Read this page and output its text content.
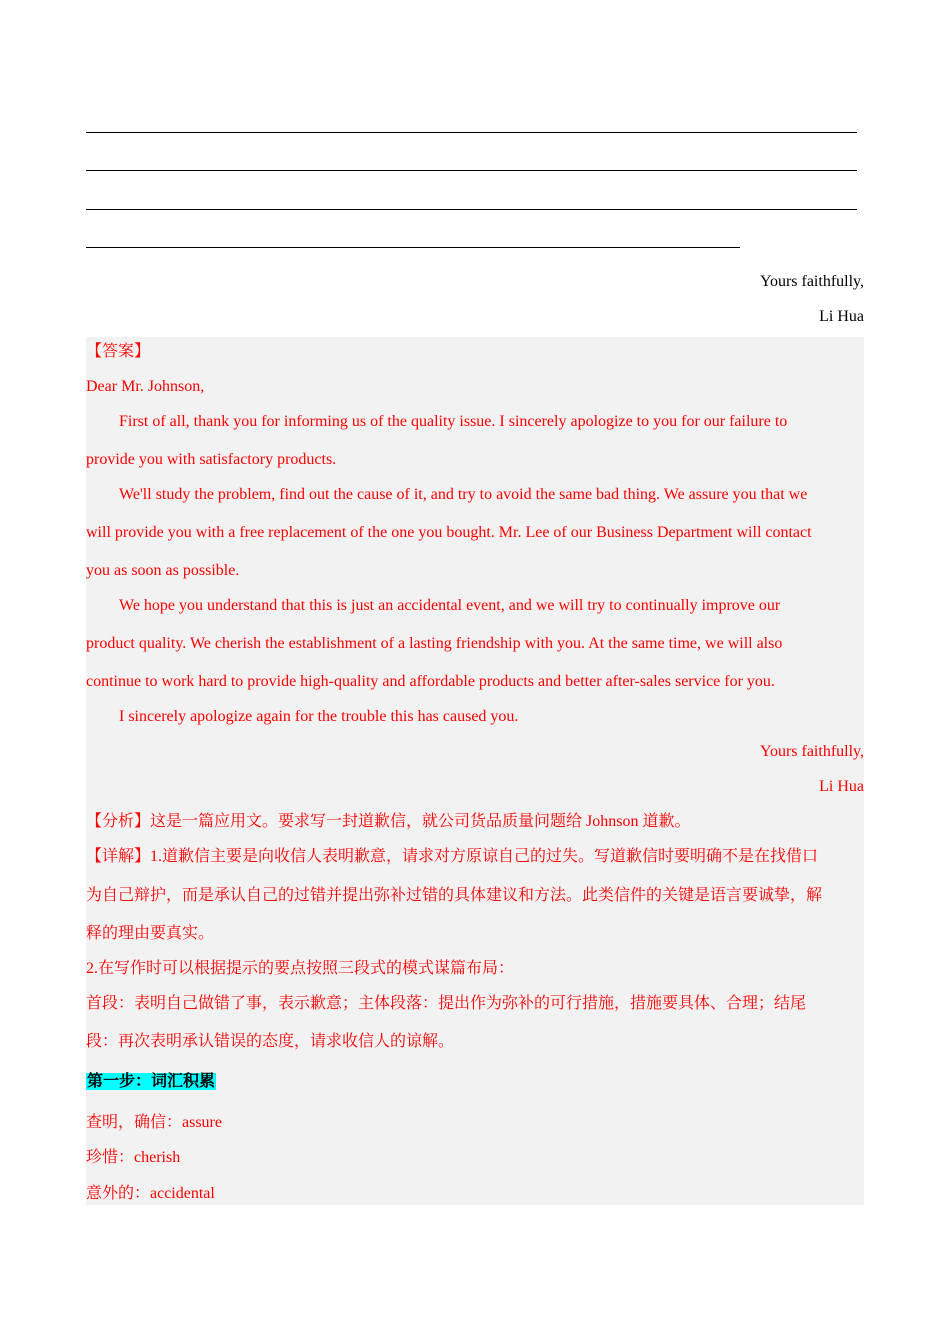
Yours faithfully,
Li Hua
【答案】
Dear Mr. Johnson,
First of all, thank you for informing us of the quality issue. I sincerely apologize to you for our failure to
provide you with satisfactory products.
We'll study the problem, find out the cause of it, and try to avoid the same bad thing. We assure you that we
will provide you with a free replacement of the one you bought. Mr. Lee of our Business Department will contact
you as soon as possible.
We hope you understand that this is just an accidental event, and we will try to continually improve our
product quality. We cherish the establishment of a lasting friendship with you. At the same time, we will also
continue to work hard to provide high-quality and affordable products and better after-sales service for you.
I sincerely apologize again for the trouble this has caused you.
Yours faithfully,
Li Hua
【分析】这是一篇应用文。要求写一封道歉信，就公司货品质量问题给 Johnson 道歉。
【详解】1.道歉信主要是向收信人表明歉意，请求对方原谅自己的过失。写道歉信时要明确不是在找借口
为自己辩护，而是承认自己的过错并提出弥补过错的具体建议和方法。此类信件的关键是语言要诚挚，解
释的理由要真实。
2.在写作时可以根据提示的要点按照三段式的模式谋篇布局：
首段：表明自己做错了事，表示歉意；主体段落：提出作为弥补的可行措施，措施要具体、合理；结尾
段：再次表明承认错误的态度，请求收信人的谅解。
第一步：词汇积累
查明，确信：assure
珍惜：cherish
意外的：accidental
